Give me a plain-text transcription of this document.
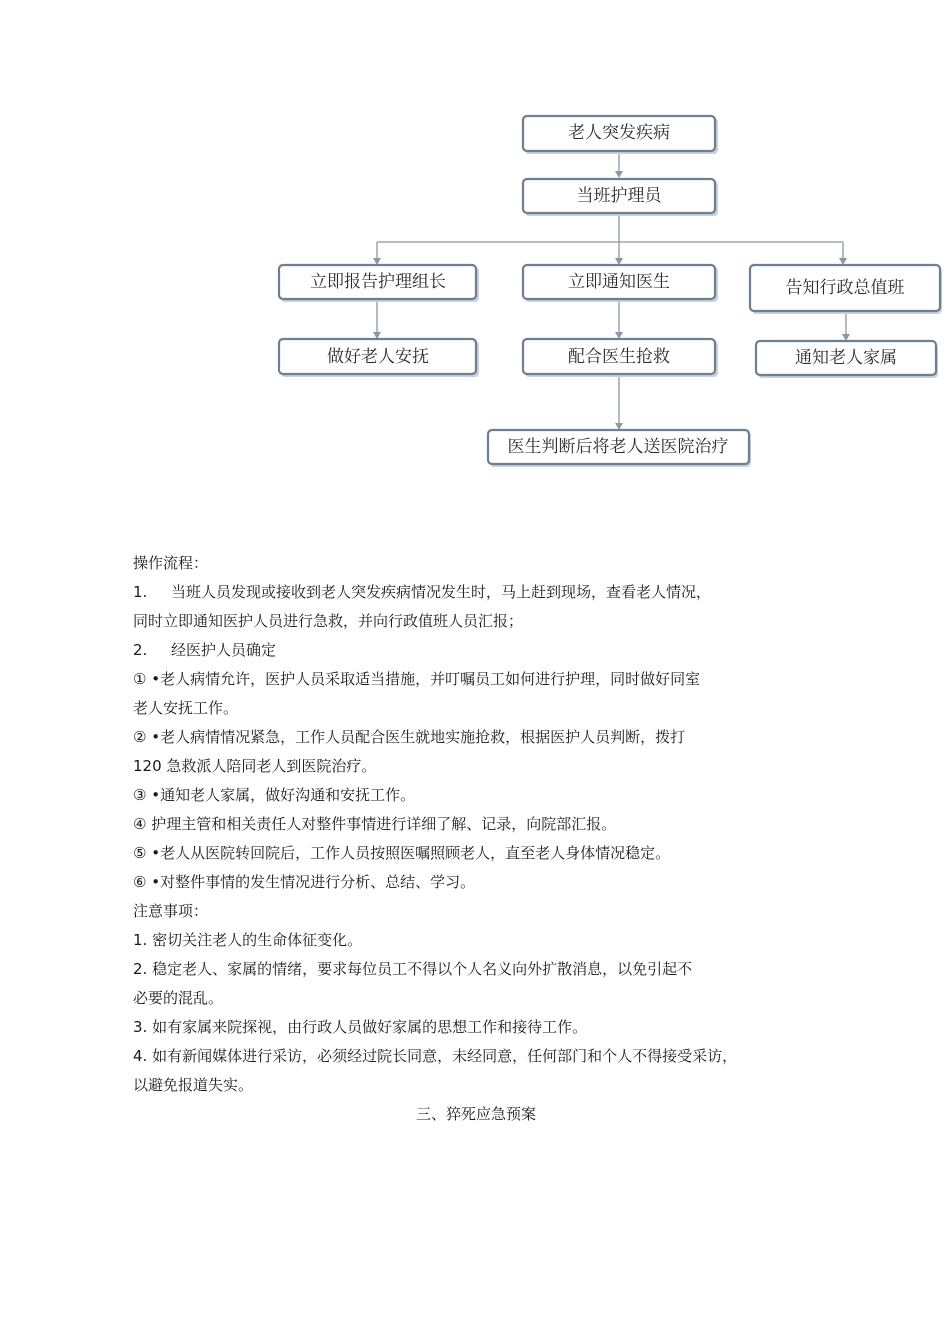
老人突发疾病
当班护理员
立即报告护理组长	立即通知医生	告知行政总值班
做好老人安抚	配合医生抢救	通知老人家属
医生判断后将老人送医院治疗
操作流程：
1. 当班人员发现或接收到老人突发疾病情况发生时，马上赶到现场，查看老人情况，
同时立即通知医护人员进行急救，并向行政值班人员汇报；
2. 经医护人员确定
① •老人病情允许，医护人员采取适当措施，并叮嘱员工如何进行护理，同时做好同室
老人安抚工作。
② •老人病情情况紧急，工作人员配合医生就地实施抢救，根据医护人员判断，拨打
120 急救派人陪同老人到医院治疗。
③ •通知老人家属，做好沟通和安抚工作。
④ 护理主管和相关责任人对整件事情进行详细了解、记录，向院部汇报。
⑤ •老人从医院转回院后，工作人员按照医嘱照顾老人，直至老人身体情况稳定。
⑥ •对整件事情的发生情况进行分析、总结、学习。
注意事项：
1. 密切关注老人的生命体征变化。
2. 稳定老人、家属的情绪，要求每位员工不得以个人名义向外扩散消息，以免引起不
必要的混乱。
3. 如有家属来院探视，由行政人员做好家属的思想工作和接待工作。
4. 如有新闻媒体进行采访，必须经过院长同意，未经同意，任何部门和个人不得接受采访，
以避免报道失实。
三、猝死应急预案
